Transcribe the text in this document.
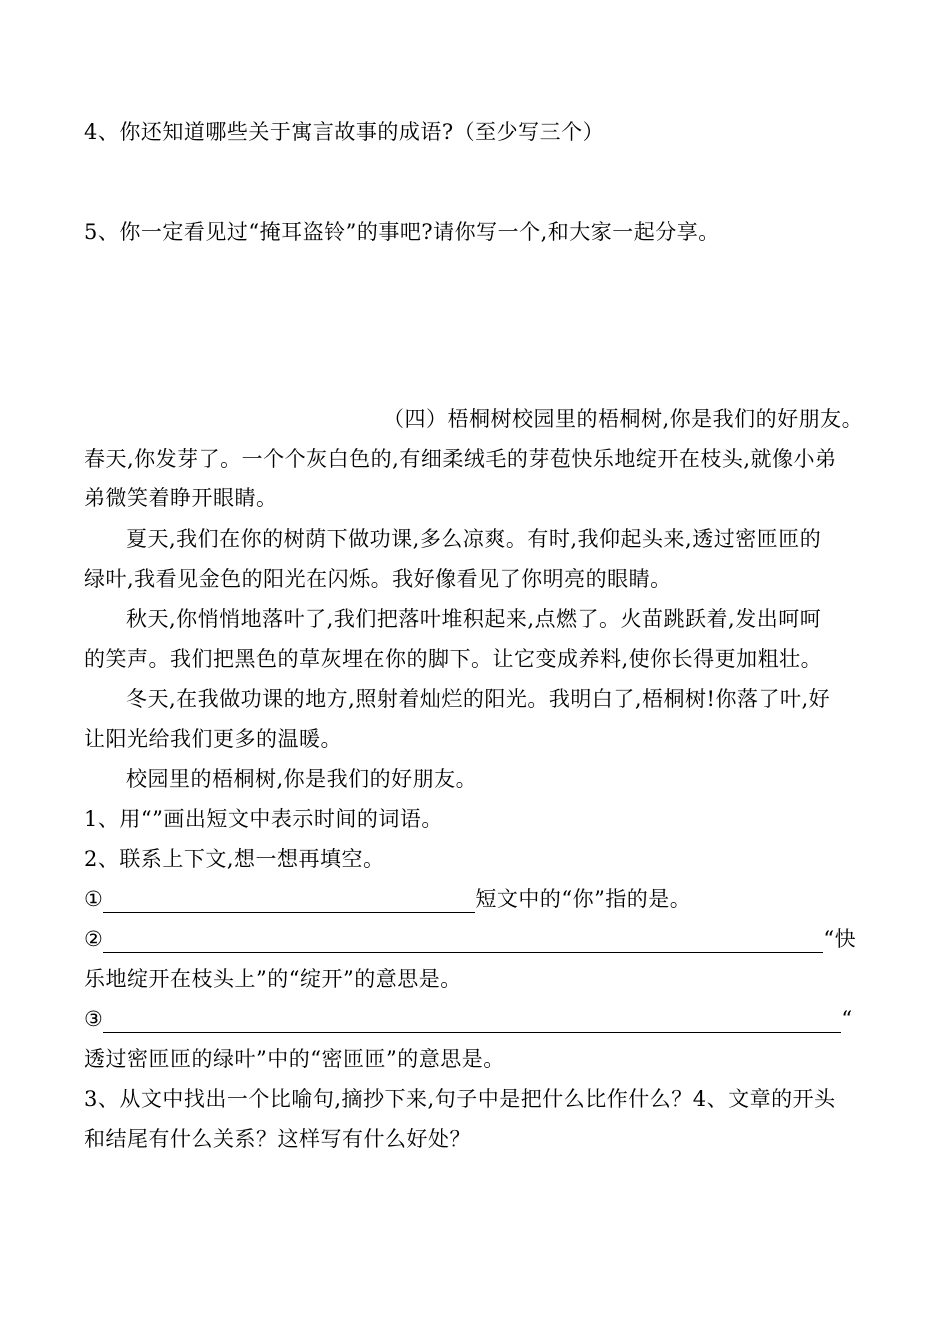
4、你还知道哪些关于寓言故事的成语?（至少写三个）
5、你一定看见过“掩耳盗铃”的事吧?请你写一个,和大家一起分享。
（四）梧桐树校园里的梧桐树,你是我们的好朋友。
春天,你发芽了。一个个灰白色的,有细柔绒毛的芽苞快乐地绽开在枝头,就像小弟
弟微笑着睁开眼睛。
夏天,我们在你的树荫下做功课,多么凉爽。有时,我仰起头来,透过密匝匝的
绿叶,我看见金色的阳光在闪烁。我好像看见了你明亮的眼睛。
秋天,你悄悄地落叶了,我们把落叶堆积起来,点燃了。火苗跳跃着,发出呵呵
的笑声。我们把黑色的草灰埋在你的脚下。让它变成养料,使你长得更加粗壮。
冬天,在我做功课的地方,照射着灿烂的阳光。我明白了,梧桐树!你落了叶,好
让阳光给我们更多的温暖。
校园里的梧桐树,你是我们的好朋友。
1、用“”画出短文中表示时间的词语。
2、联系上下文,想一想再填空。
①	短文中的“你”指的是。
②	“快
乐地绽开在枝头上”的“绽开”的意思是。
③	“
透过密匝匝的绿叶”中的“密匝匝”的意思是。
3、从文中找出一个比喻句,摘抄下来,句子中是把什么比作什么？4、文章的开头
和结尾有什么关系？这样写有什么好处？
